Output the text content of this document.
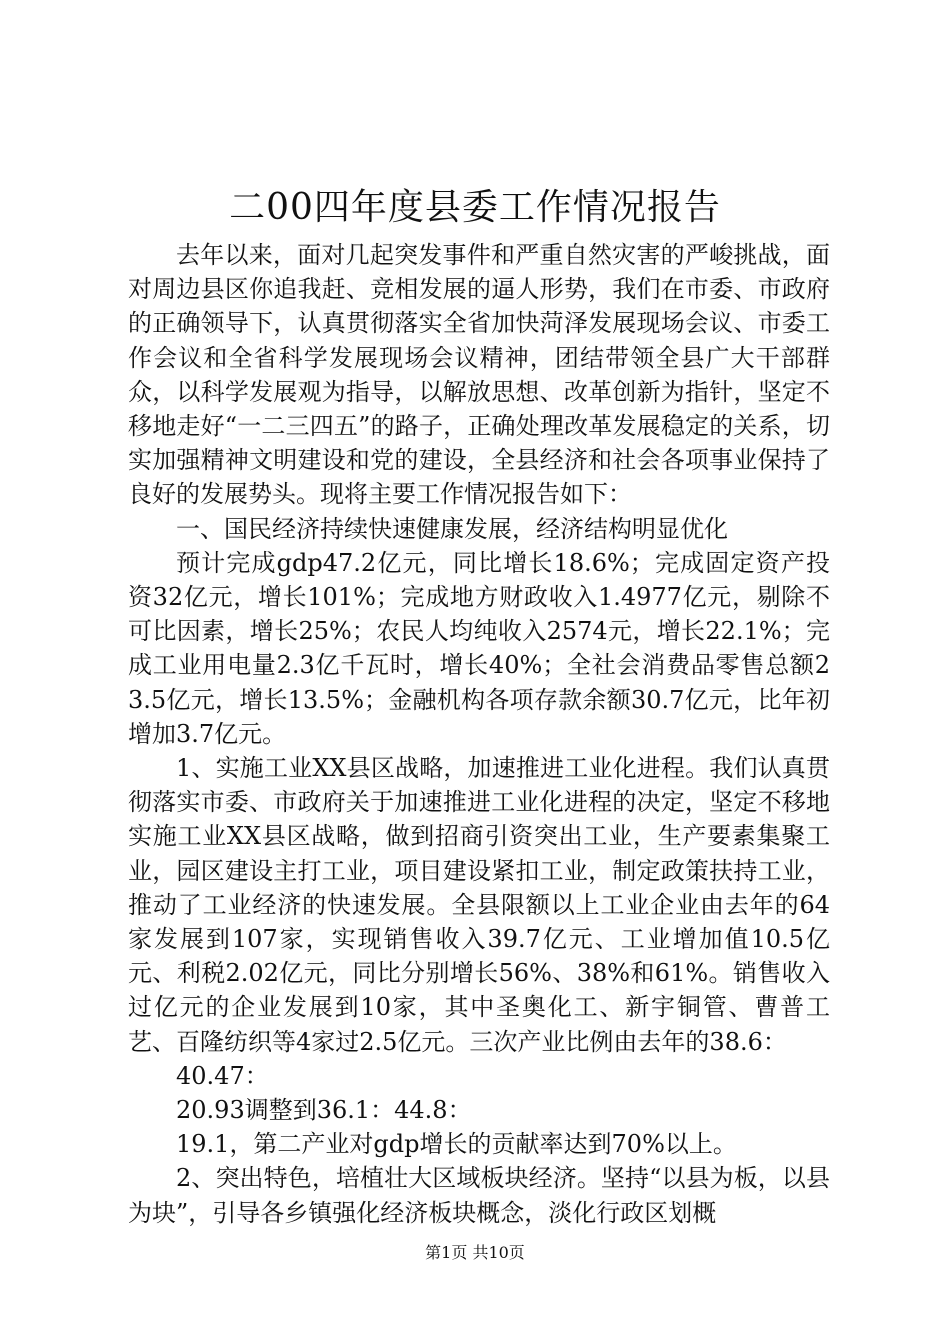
二00四年度县委工作情况报告

去年以来，面对几起突发事件和严重自然灾害的严峻挑战，面对周边县区你追我赶、竞相发展的逼人形势，我们在市委、市政府的正确领导下，认真贯彻落实全省加快菏泽发展现场会议、市委工作会议和全省科学发展现场会议精神，团结带领全县广大干部群众，以科学发展观为指导，以解放思想、改革创新为指针，坚定不移地走好“一二三四五”的路子，正确处理改革发展稳定的关系，切实加强精神文明建设和党的建设，全县经济和社会各项事业保持了良好的发展势头。现将主要工作情况报告如下：

一、国民经济持续快速健康发展，经济结构明显优化

预计完成gdp47.2亿元，同比增长18.6%；完成固定资产投资32亿元，增长101%；完成地方财政收入1.4977亿元，剔除不可比因素，增长25%；农民人均纯收入2574元，增长22.1%；完成工业用电量2.3亿千瓦时，增长40%；全社会消费品零售总额23.5亿元，增长13.5%；金融机构各项存款余额30.7亿元，比年初增加3.7亿元。

1、实施工业XX县区战略，加速推进工业化进程。我们认真贯彻落实市委、市政府关于加速推进工业化进程的决定，坚定不移地实施工业XX县区战略，做到招商引资突出工业，生产要素集聚工业，园区建设主打工业，项目建设紧扣工业，制定政策扶持工业，推动了工业经济的快速发展。全县限额以上工业企业由去年的64家发展到107家，实现销售收入39.7亿元、工业增加值10.5亿元、利税2.02亿元，同比分别增长56%、38%和61%。销售收入过亿元的企业发展到10家，其中圣奥化工、新宇铜管、曹普工艺、百隆纺织等4家过2.5亿元。三次产业比例由去年的38.6：

40.47：

20.93调整到36.1：44.8：

19.1，第二产业对gdp增长的贡献率达到70%以上。

2、突出特色，培植壮大区域板块经济。坚持“以县为板，以县为块”，引导各乡镇强化经济板块概念，淡化行政区划概

第1页 共10页
